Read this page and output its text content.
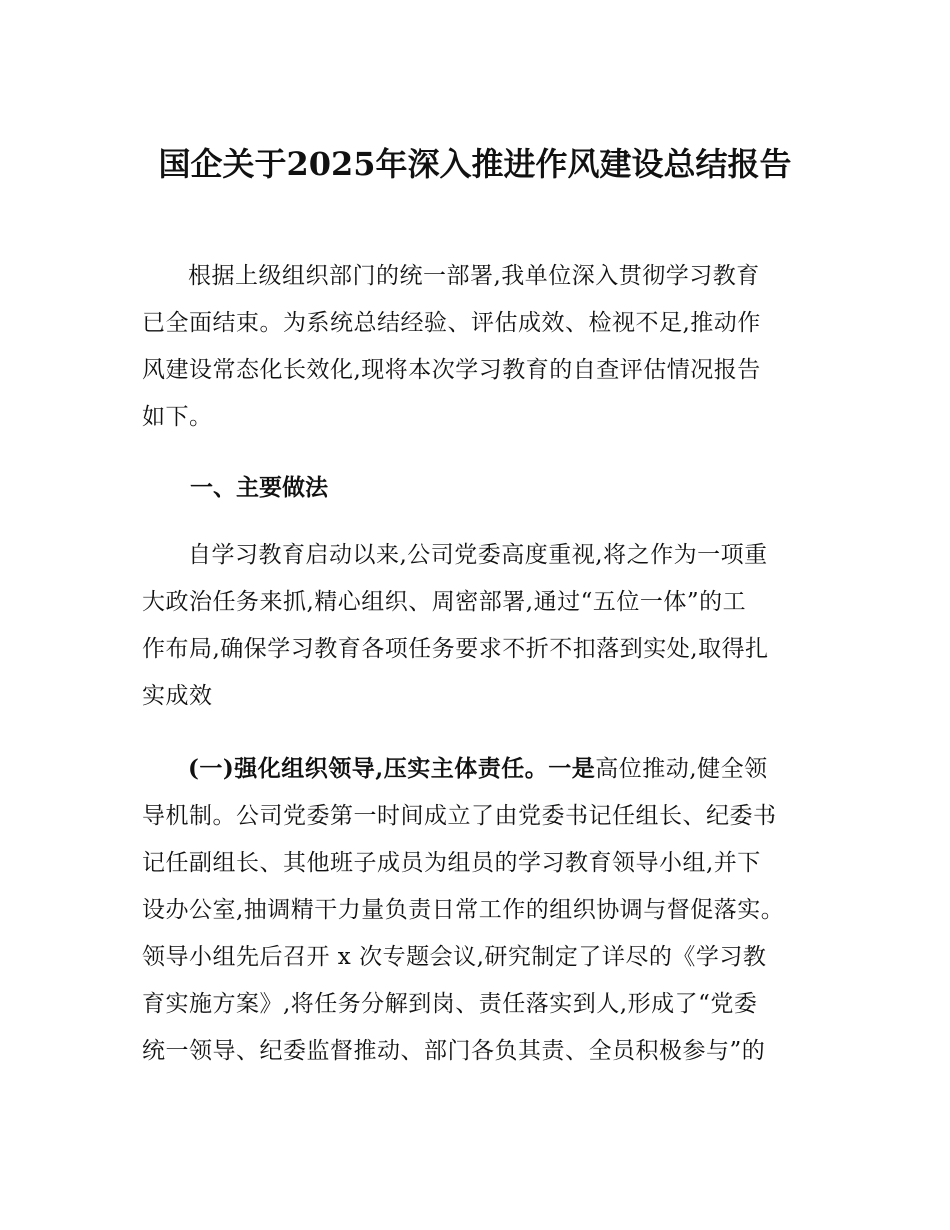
国企关于2025年深入推进作风建设总结报告

根据上级组织部门的统一部署,我单位深入贯彻学习教育
已全面结束。为系统总结经验、评估成效、检视不足,推动作
风建设常态化长效化,现将本次学习教育的自查评估情况报告
如下。

一、主要做法

自学习教育启动以来,公司党委高度重视,将之作为一项重
大政治任务来抓,精心组织、周密部署,通过“五位一体”的工
作布局,确保学习教育各项任务要求不折不扣落到实处,取得扎
实成效

(一)强化组织领导,压实主体责任。一是高位推动,健全领
导机制。公司党委第一时间成立了由党委书记任组长、纪委书
记任副组长、其他班子成员为组员的学习教育领导小组,并下
设办公室,抽调精干力量负责日常工作的组织协调与督促落实。
领导小组先后召开 x 次专题会议,研究制定了详尽的《学习教
育实施方案》,将任务分解到岗、责任落实到人,形成了“党委
统一领导、纪委监督推动、部门各负其责、全员积极参与”的
